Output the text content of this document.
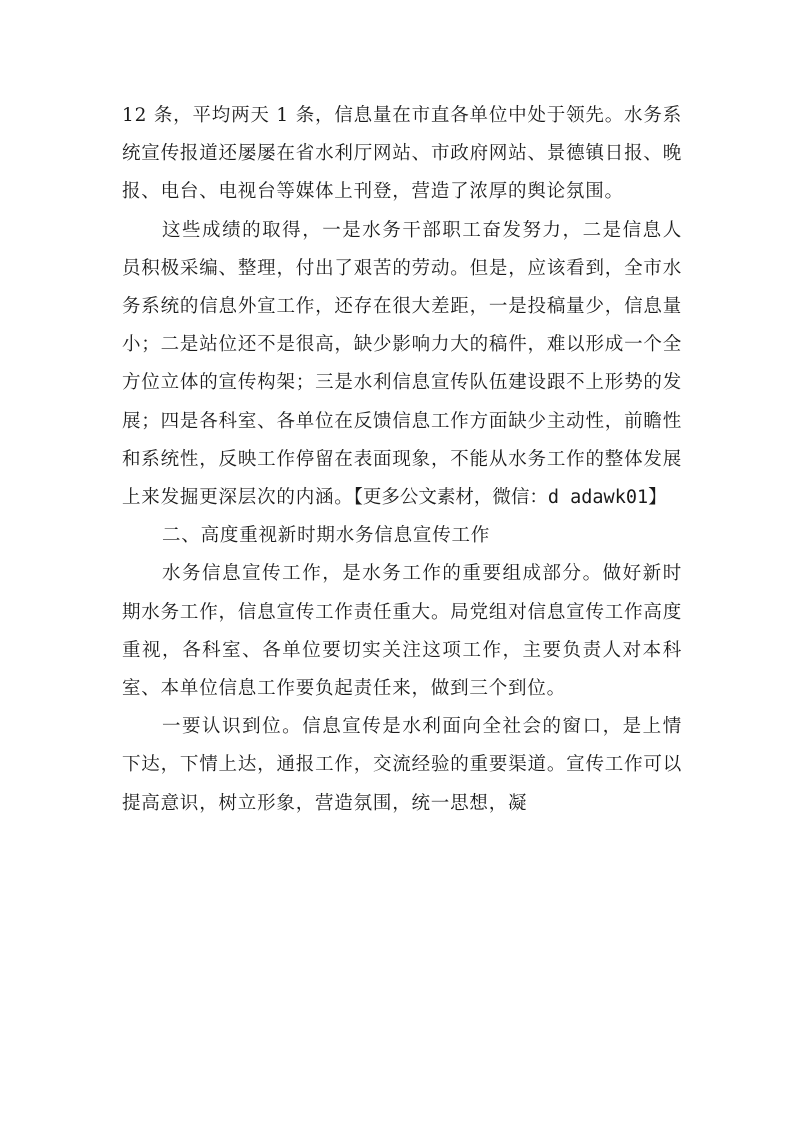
12 条，平均两天 1 条，信息量在市直各单位中处于领先。水务系统宣传报道还屡屡在省水利厅网站、市政府网站、景德镇日报、晚报、电台、电视台等媒体上刊登，营造了浓厚的舆论氛围。

这些成绩的取得，一是水务干部职工奋发努力，二是信息人员积极采编、整理，付出了艰苦的劳动。但是，应该看到，全市水务系统的信息外宣工作，还存在很大差距，一是投稿量少，信息量小；二是站位还不是很高，缺少影响力大的稿件，难以形成一个全方位立体的宣传构架；三是水利信息宣传队伍建设跟不上形势的发展；四是各科室、各单位在反馈信息工作方面缺少主动性，前瞻性和系统性，反映工作停留在表面现象，不能从水务工作的整体发展上来发掘更深层次的内涵。【更多公文素材，微信：d adawk01】

二、高度重视新时期水务信息宣传工作

水务信息宣传工作，是水务工作的重要组成部分。做好新时期水务工作，信息宣传工作责任重大。局党组对信息宣传工作高度重视，各科室、各单位要切实关注这项工作，主要负责人对本科室、本单位信息工作要负起责任来，做到三个到位。

一要认识到位。信息宣传是水利面向全社会的窗口，是上情下达，下情上达，通报工作，交流经验的重要渠道。宣传工作可以提高意识，树立形象，营造氛围，统一思想，凝
